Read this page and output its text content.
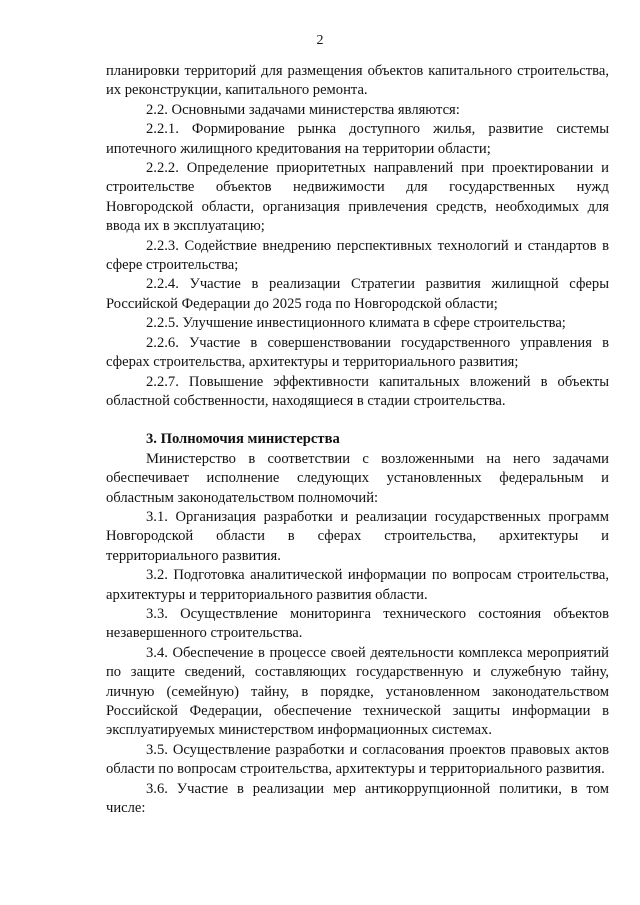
2

планировки территорий для размещения объектов капитального строительства, их реконструкции, капитального ремонта.

2.2. Основными задачами министерства являются:

2.2.1. Формирование рынка доступного жилья, развитие системы ипотечного жилищного кредитования на территории области;

2.2.2. Определение приоритетных направлений при проектировании и строительстве объектов недвижимости для государственных нужд Новгородской области, организация привлечения средств, необходимых для ввода их в эксплуатацию;

2.2.3. Содействие внедрению перспективных технологий и стандартов в сфере строительства;

2.2.4. Участие в реализации Стратегии развития жилищной сферы Российской Федерации до 2025 года по Новгородской области;

2.2.5. Улучшение инвестиционного климата в сфере строительства;

2.2.6. Участие в совершенствовании государственного управления в сферах строительства, архитектуры и территориального развития;

2.2.7. Повышение эффективности капитальных вложений в объекты областной собственности, находящиеся в стадии строительства.

3. Полномочия министерства

Министерство в соответствии с возложенными на него задачами обеспечивает исполнение следующих установленных федеральным и областным законодательством полномочий:

3.1. Организация разработки и реализации государственных программ Новгородской области в сферах строительства, архитектуры и территориального развития.

3.2. Подготовка аналитической информации по вопросам строительства, архитектуры и территориального развития области.

3.3. Осуществление мониторинга технического состояния объектов незавершенного строительства.

3.4. Обеспечение в процессе своей деятельности комплекса мероприятий по защите сведений, составляющих государственную и служебную тайну, личную (семейную) тайну, в порядке, установленном законодательством Российской Федерации, обеспечение технической защиты информации в эксплуатируемых министерством информационных системах.

3.5. Осуществление разработки и согласования проектов правовых актов области по вопросам строительства, архитектуры и территориального развития.

3.6. Участие в реализации мер антикоррупционной политики, в том числе:
